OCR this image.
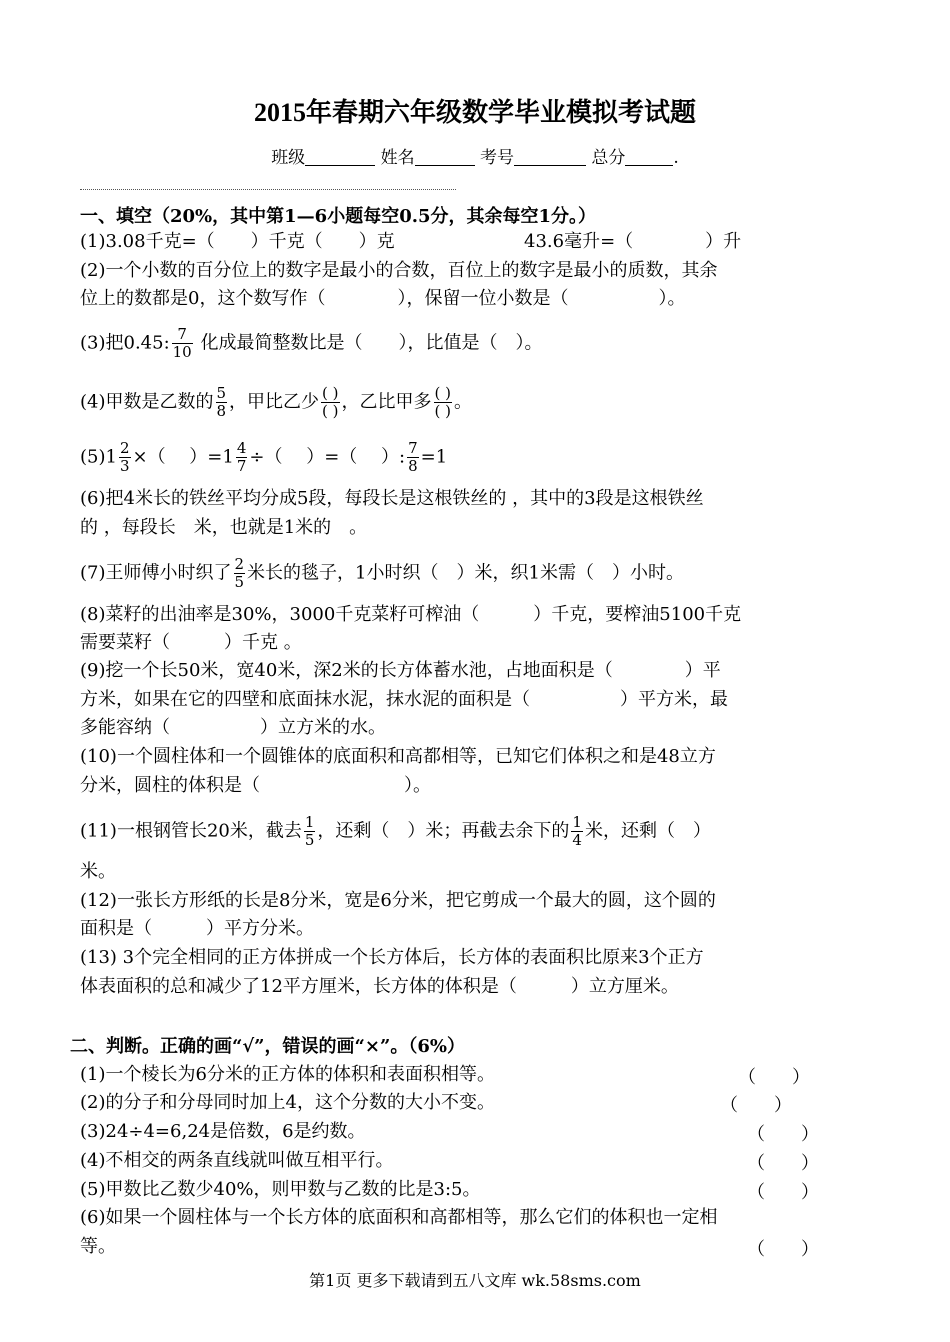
2015年春期六年级数学毕业模拟考试题
班级	姓名	考号	总分	.
一、填空（20%，其中第1—6小题每空0.5分，其余每空1分。）
(1)3.08千克=（　　）千克（　　）克	43.6毫升=（　　　　）升
(2)一个小数的百分位上的数字是最小的合数，百位上的数字是最小的质数，其余
位上的数都是0，这个数写作（　　　　），保留一位小数是（　　　　　）。
(3)把0.45: $\frac{7}{10}$ 化成最简整数比是（　　），比值是（　）。
(4)甲数是乙数的 $\frac{5}{8}$ ，甲比乙少 $\frac{( )}{( )}$ ，乙比甲多 $\frac{( )}{( )}$ 。
$(5)1 \frac{2}{3}$ ×（　 ）$=1 \frac{4}{7}$ ÷（　 ）=（　 ）: $\frac{7}{8} =1$
(6)把4米长的铁丝平均分成5段，每段长是这根铁丝的 ，其中的3段是这根铁丝
的 ，每段长　米，也就是1米的　。
(7)王师傅小时织了 $\frac{2}{5}$ 米长的毯子，1小时织（　）米，织1米需（　）小时。
(8)菜籽的出油率是30%，3000千克菜籽可榨油（　　　）千克，要榨油5100千克
需要菜籽（　　　）千克 。
(9)挖一个长50米，宽40米，深2米的长方体蓄水池，占地面积是（　　　　）平
方米，如果在它的四壁和底面抹水泥，抹水泥的面积是（　　　　　）平方米，最
多能容纳（　　　　　）立方米的水。
(10)一个圆柱体和一个圆锥体的底面积和高都相等，已知它们体积之和是48立方
分米，圆柱的体积是（　　　　　　　　）。
(11)一根钢管长20米，截去 $\frac{1}{5}$ ，还剩（　）米；再截去余下的 $\frac{1}{4}$ 米，还剩（　）
米。
(12)一张长方形纸的长是8分米，宽是6分米，把它剪成一个最大的圆，这个圆的
面积是（　　　）平方分米。
(13) 3个完全相同的正方体拼成一个长方体后，长方体的表面积比原来3个正方
体表面积的总和减少了12平方厘米，长方体的体积是（　　　）立方厘米。
二、判断。正确的画“√”，错误的画“×”。（6%）
(1)一个棱长为6分米的正方体的体积和表面积相等。	（　　）
(2)的分子和分母同时加上4，这个分数的大小不变。	（　　）
(3)24÷4=6,24是倍数，6是约数。	（　　）
(4)不相交的两条直线就叫做互相平行。	（　　）
(5)甲数比乙数少40%，则甲数与乙数的比是3:5。	（　　）
(6)如果一个圆柱体与一个长方体的底面积和高都相等，那么它们的体积也一定相
等。	（　　）
第1页 更多下载请到五八文库 wk.58sms.com
